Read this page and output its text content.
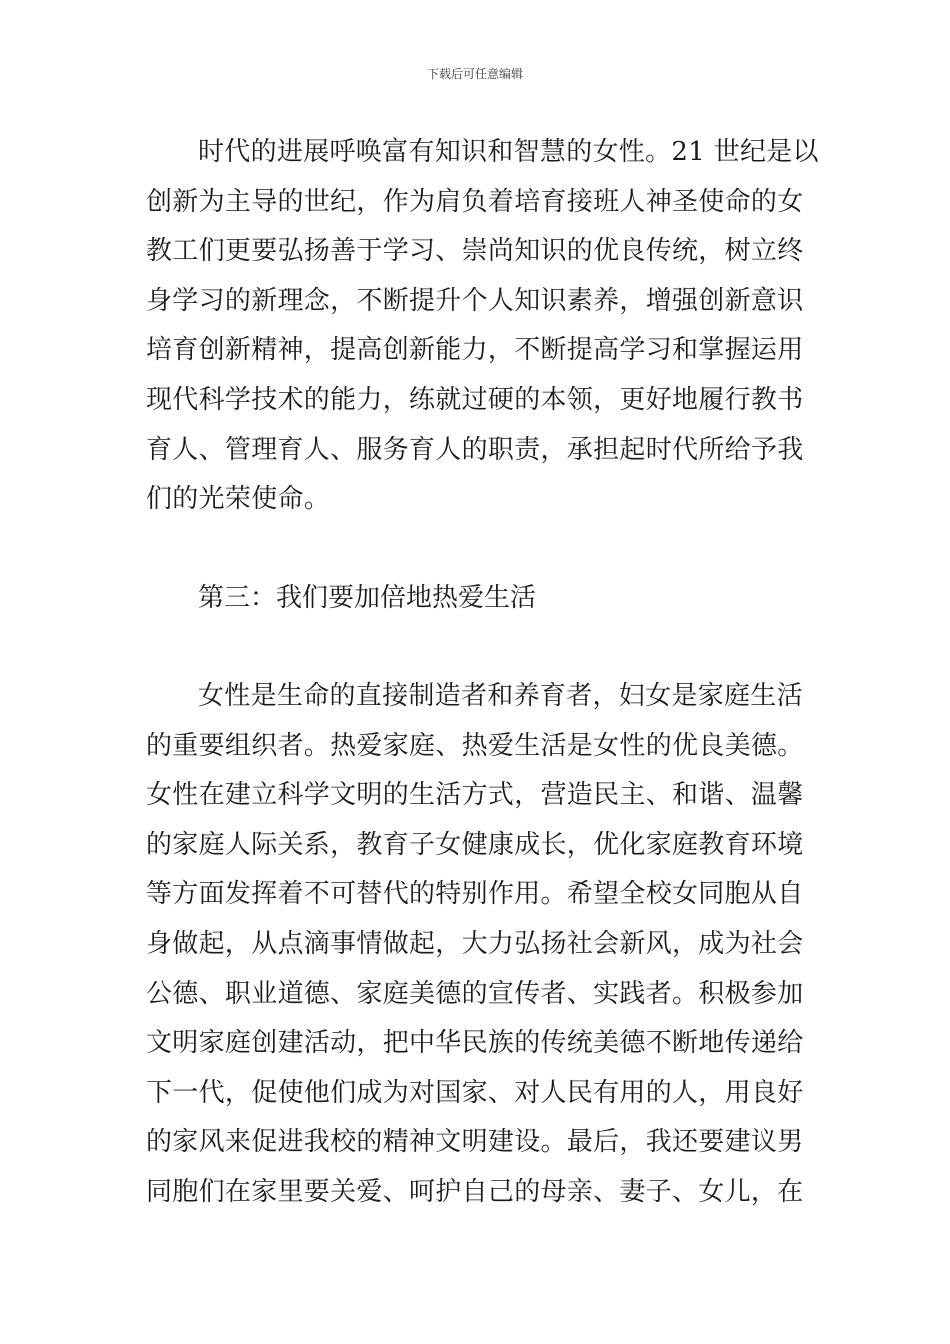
下载后可任意编辑
时代的进展呼唤富有知识和智慧的女性。21 世纪是以
创新为主导的世纪，作为肩负着培育接班人神圣使命的女
教工们更要弘扬善于学习、崇尚知识的优良传统，树立终
身学习的新理念，不断提升个人知识素养，增强创新意识
培育创新精神，提高创新能力，不断提高学习和掌握运用
现代科学技术的能力，练就过硬的本领，更好地履行教书
育人、管理育人、服务育人的职责，承担起时代所给予我
们的光荣使命。
第三：我们要加倍地热爱生活
女性是生命的直接制造者和养育者，妇女是家庭生活
的重要组织者。热爱家庭、热爱生活是女性的优良美德。
女性在建立科学文明的生活方式，营造民主、和谐、温馨
的家庭人际关系，教育子女健康成长，优化家庭教育环境
等方面发挥着不可替代的特别作用。希望全校女同胞从自
身做起，从点滴事情做起，大力弘扬社会新风，成为社会
公德、职业道德、家庭美德的宣传者、实践者。积极参加
文明家庭创建活动，把中华民族的传统美德不断地传递给
下一代，促使他们成为对国家、对人民有用的人，用良好
的家风来促进我校的精神文明建设。最后，我还要建议男
同胞们在家里要关爱、呵护自己的母亲、妻子、女儿，在
